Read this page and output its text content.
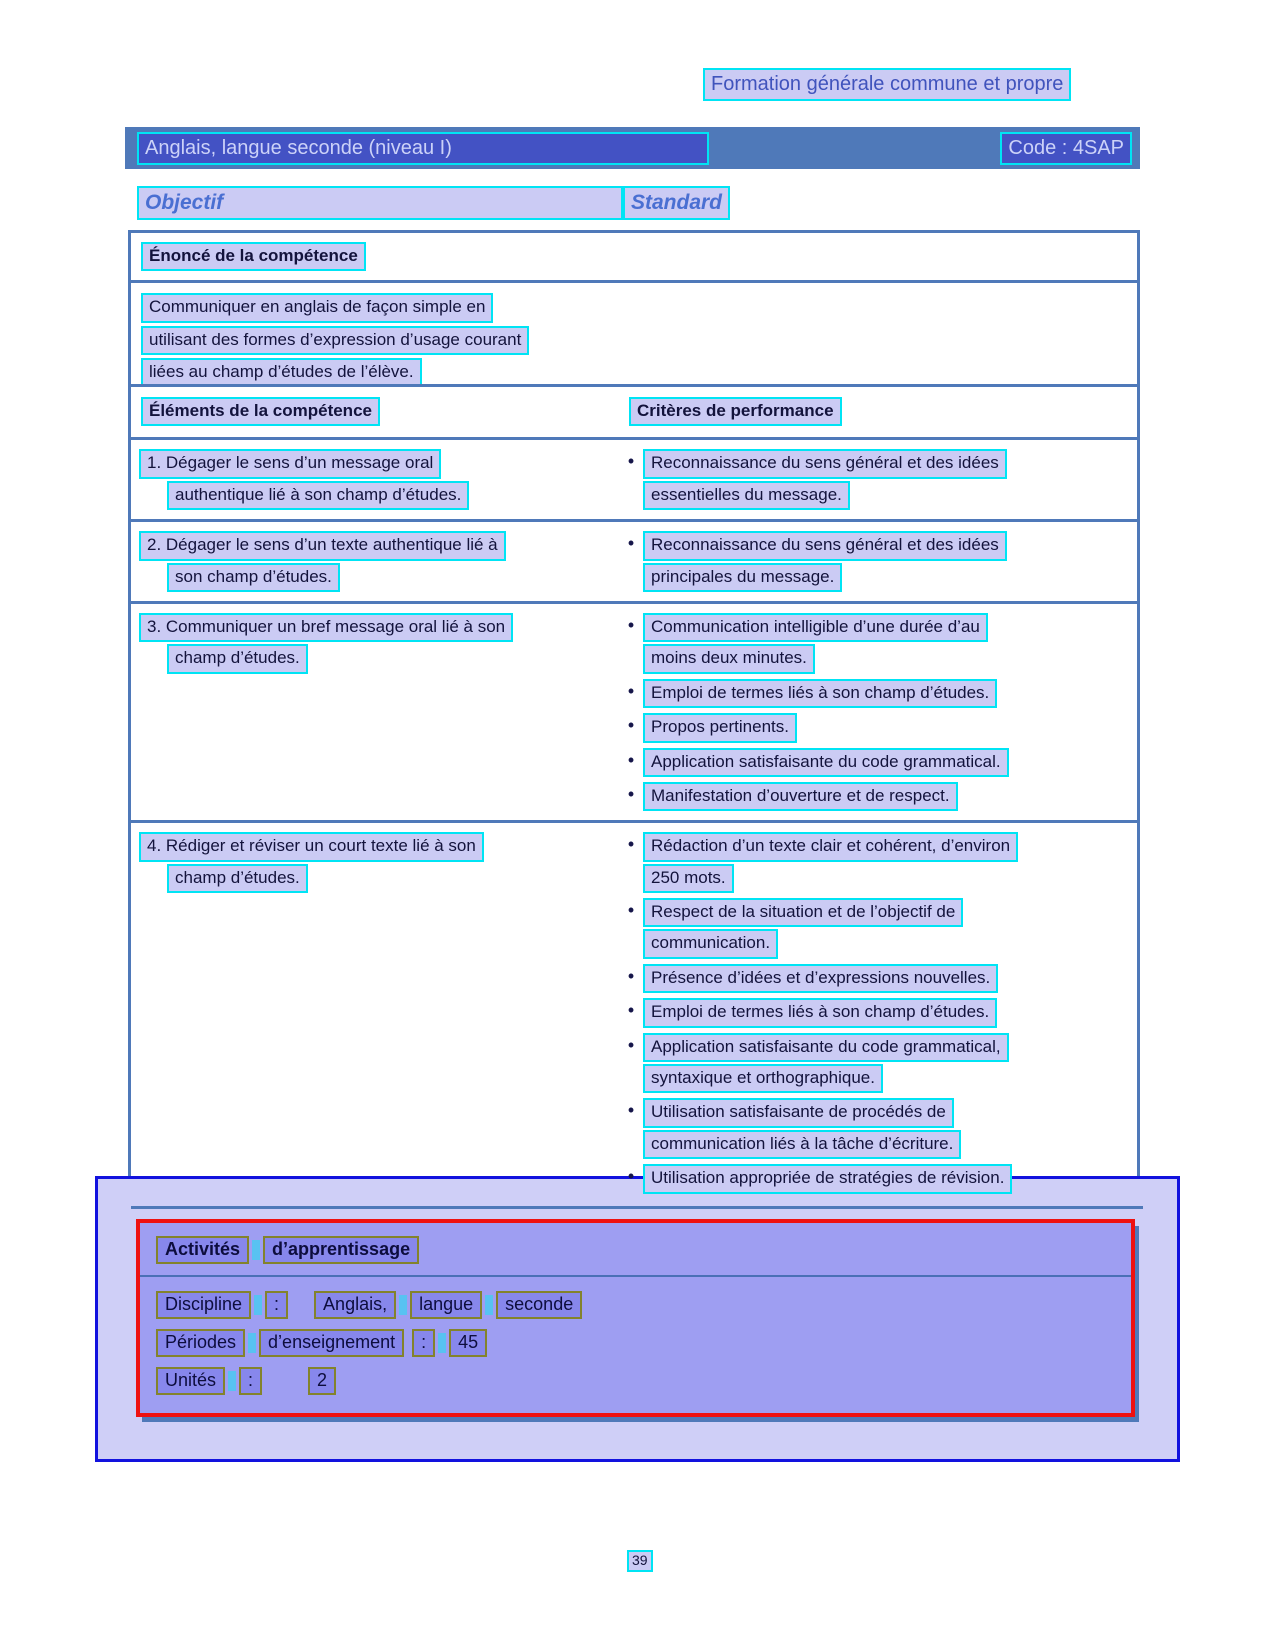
Formation générale commune et propre
Anglais, langue seconde (niveau I)	Code : 4SAP
Objectif	Standard
Énoncé de la compétence
Communiquer en anglais de façon simple en
utilisant des formes d’expression d’usage courant
liées au champ d’études de l’élève.
Éléments de la compétence	Critères de performance
1. Dégager le sens d’un message oral
authentique lié à son champ d’études.
• Reconnaissance du sens général et des idées
essentielles du message.
2. Dégager le sens d’un texte authentique lié à
son champ d’études.
• Reconnaissance du sens général et des idées
principales du message.
3. Communiquer un bref message oral lié à son
champ d’études.
• Communication intelligible d’une durée d’au
moins deux minutes.
• Emploi de termes liés à son champ d’études.
• Propos pertinents.
• Application satisfaisante du code grammatical.
• Manifestation d’ouverture et de respect.
4. Rédiger et réviser un court texte lié à son
champ d’études.
• Rédaction d’un texte clair et cohérent, d’environ
250 mots.
• Respect de la situation et de l’objectif de
communication.
• Présence d’idées et d’expressions nouvelles.
• Emploi de termes liés à son champ d’études.
• Application satisfaisante du code grammatical,
syntaxique et orthographique.
• Utilisation satisfaisante de procédés de
communication liés à la tâche d’écriture.
• Utilisation appropriée de stratégies de révision.
Activités	d’apprentissage
Discipline	:	Anglais,	langue	seconde
Périodes	d’enseignement	:	45
Unités	:	2
39
